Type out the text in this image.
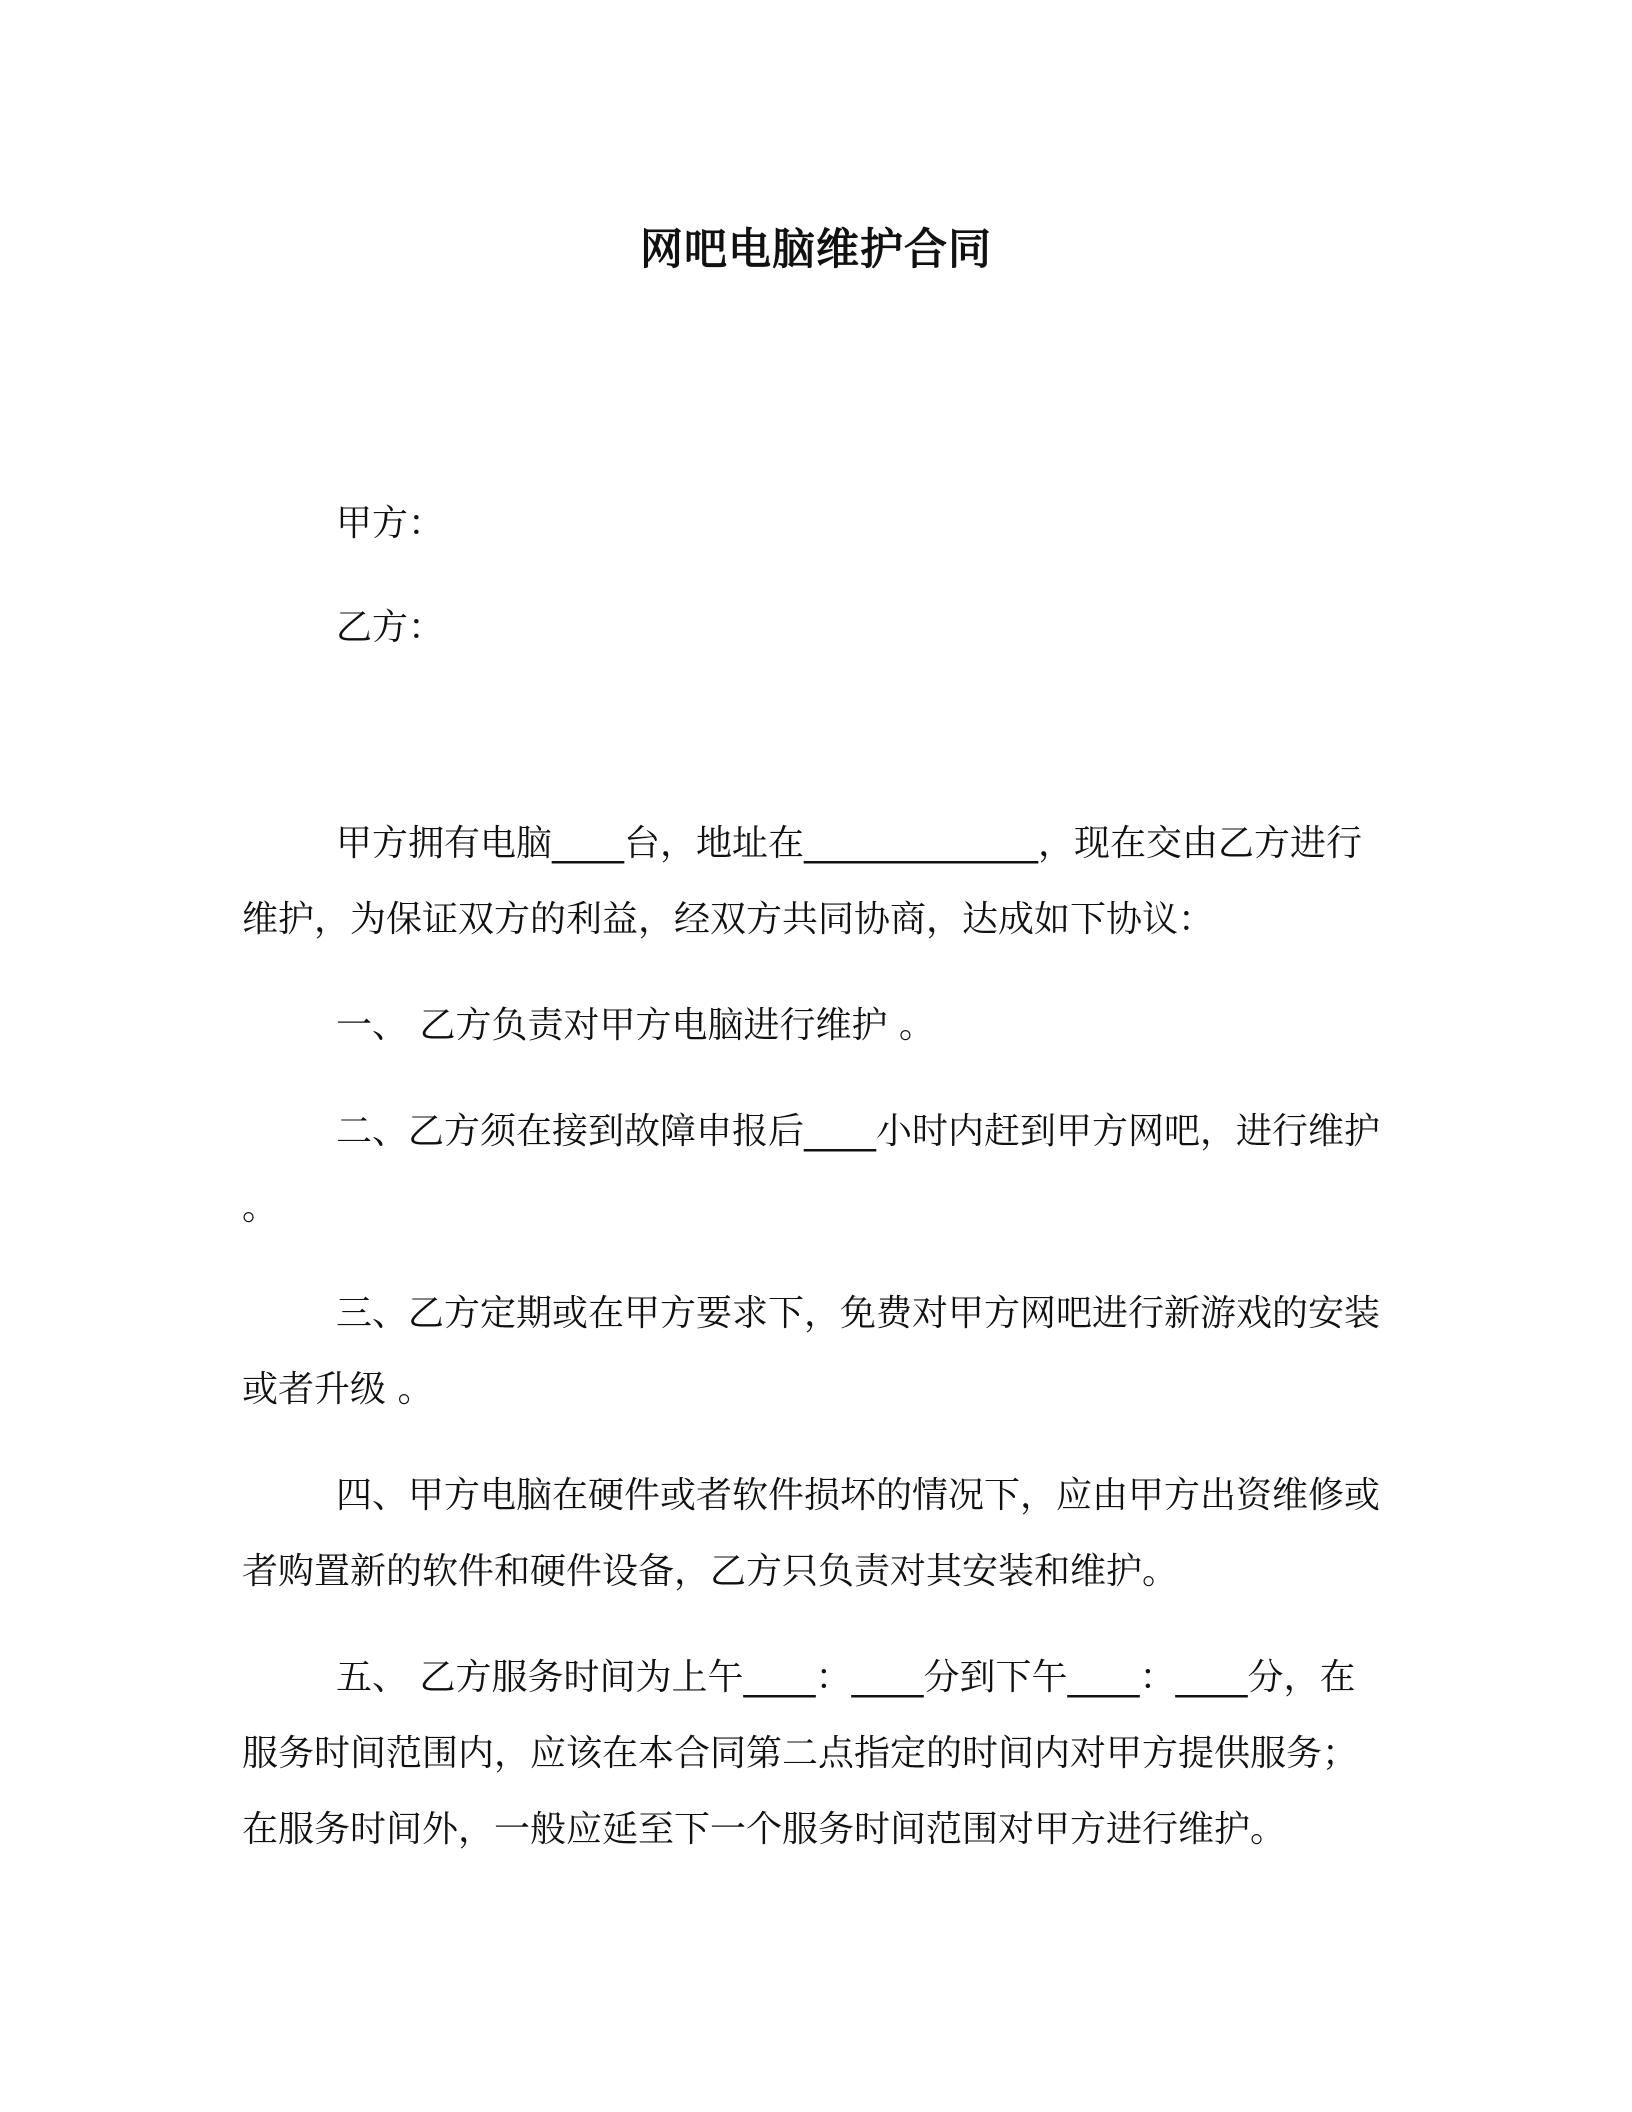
网吧电脑维护合同
甲方：
乙方：

甲方拥有电脑____台，地址在_____________，现在交由乙方进行维护，为保证双方的利益，经双方共同协商，达成如下协议：

一、 乙方负责对甲方电脑进行维护 。

二、乙方须在接到故障申报后____小时内赶到甲方网吧，进行维护 。

三、乙方定期或在甲方要求下，免费对甲方网吧进行新游戏的安装或者升级 。

四、甲方电脑在硬件或者软件损坏的情况下，应由甲方出资维修或者购置新的软件和硬件设备，乙方只负责对其安装和维护。

五、 乙方服务时间为上午____：____分到下午____：____分，在服务时间范围内，应该在本合同第二点指定的时间内对甲方提供服务；在服务时间外，一般应延至下一个服务时间范围对甲方进行维护。
